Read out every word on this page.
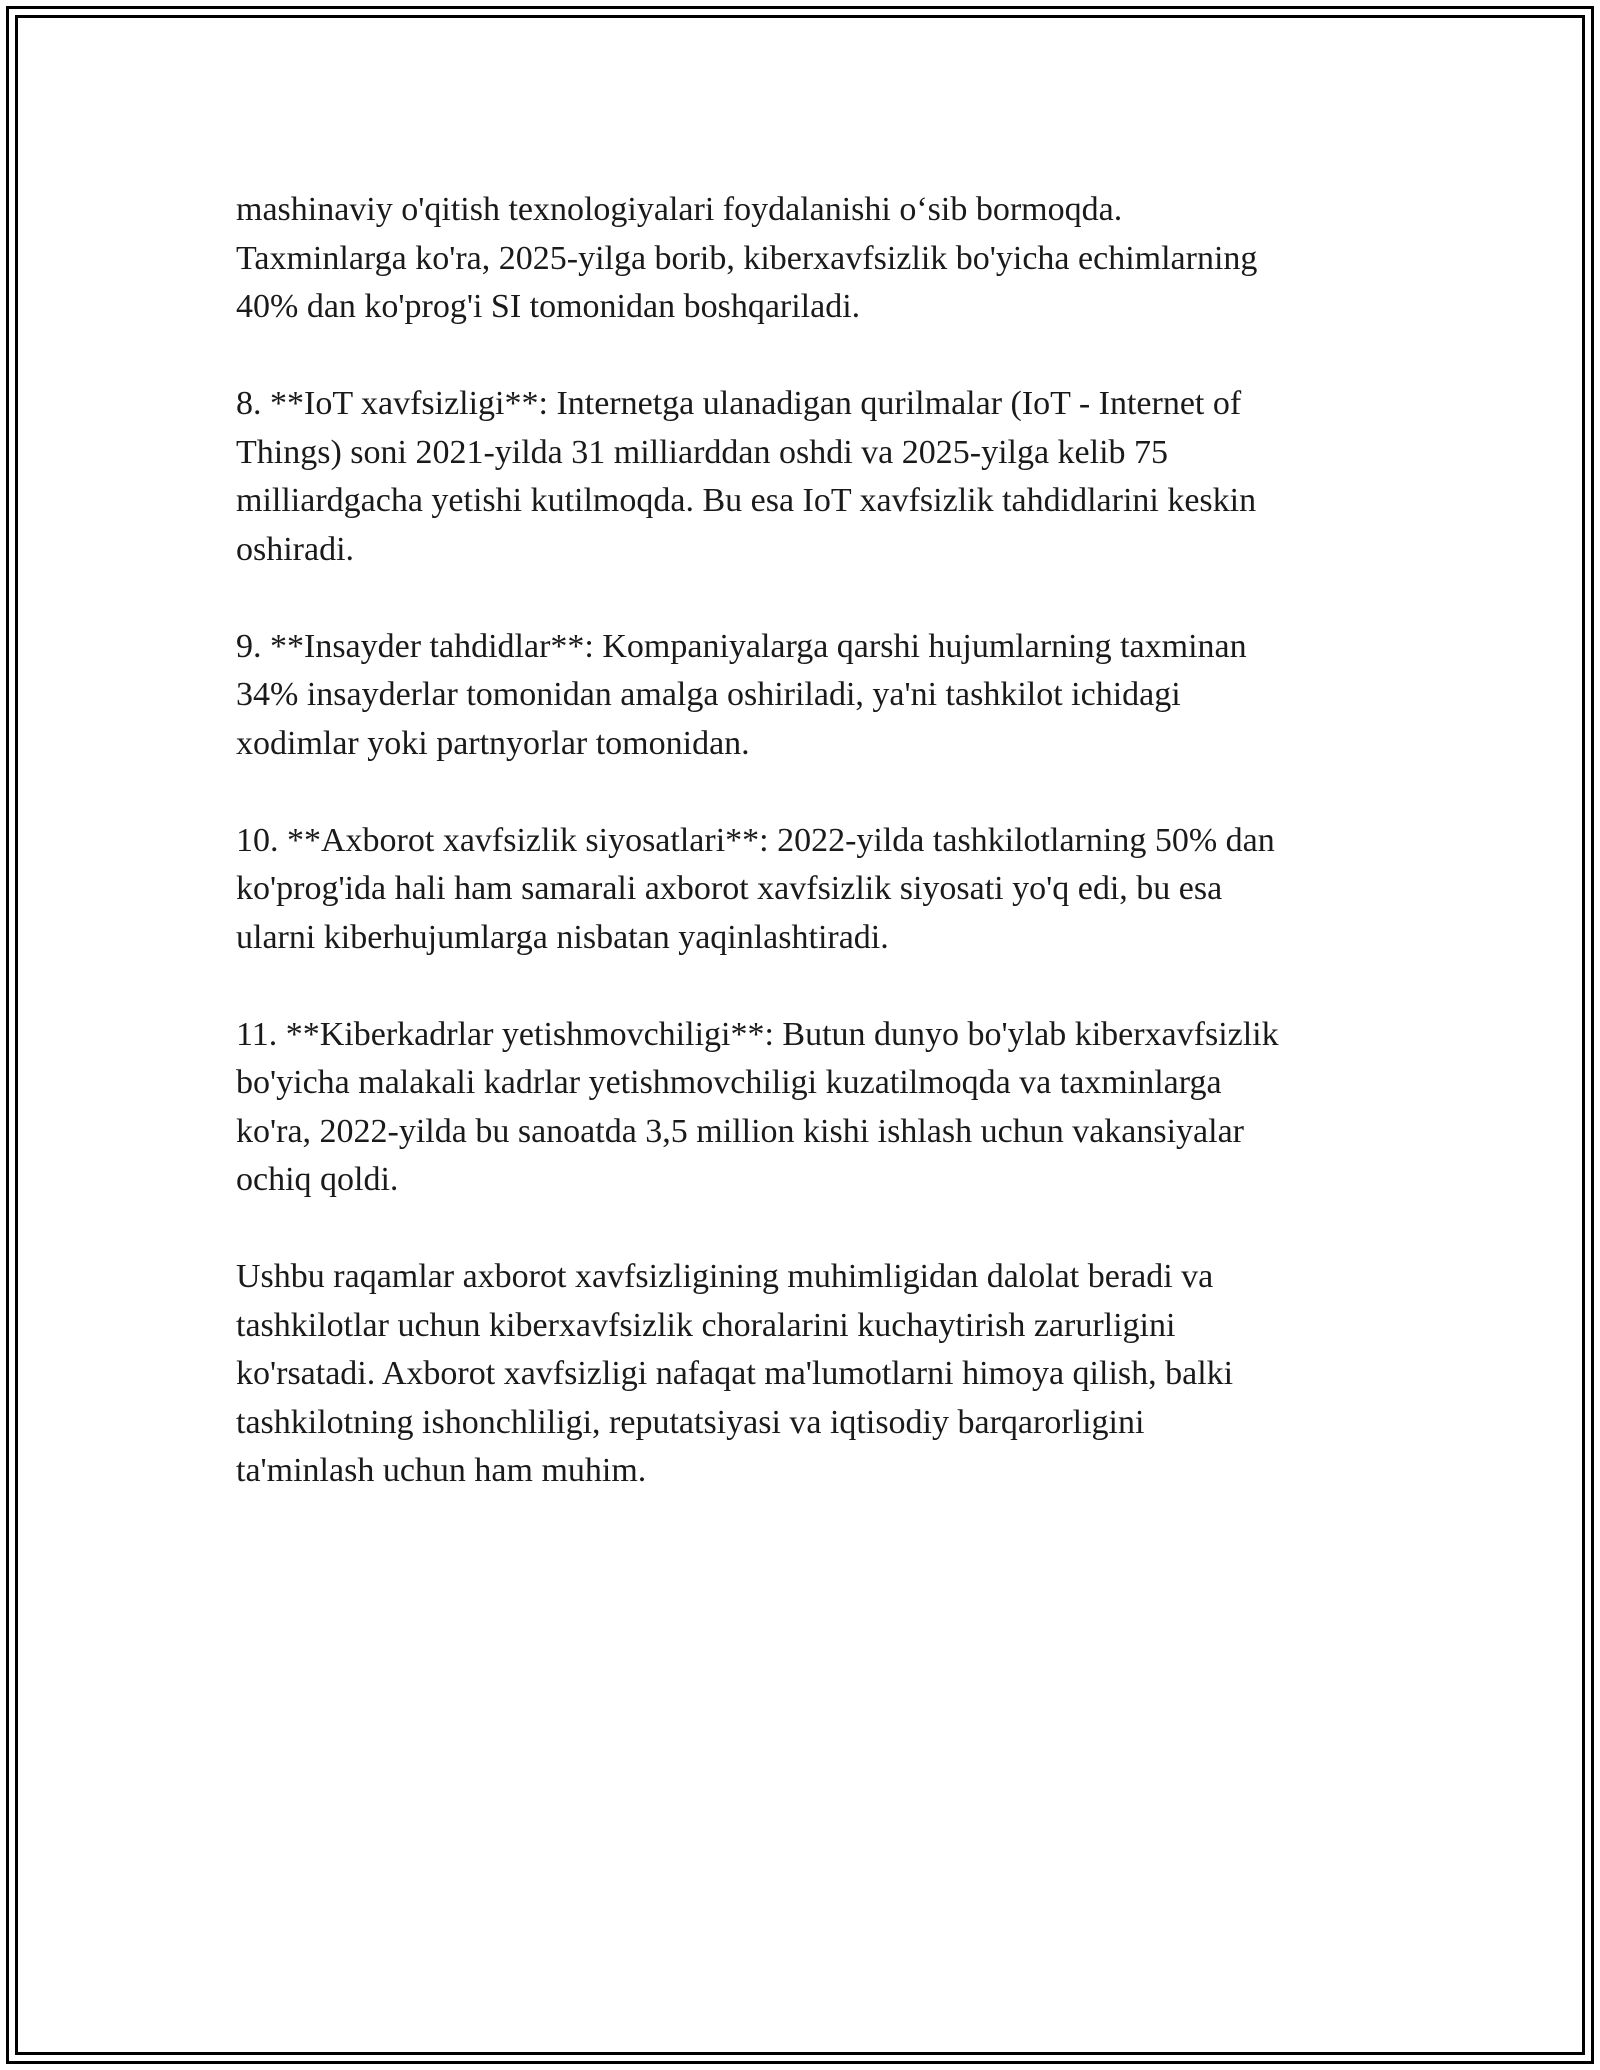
mashinaviy o'qitish texnologiyalari foydalanishi o‘sib bormoqda.
Taxminlarga ko'ra, 2025-yilga borib, kiberxavfsizlik bo'yicha echimlarning
40% dan ko'prog'i SI tomonidan boshqariladi.

8. **IoT xavfsizligi**: Internetga ulanadigan qurilmalar (IoT - Internet of
Things) soni 2021-yilda 31 milliarddan oshdi va 2025-yilga kelib 75
milliardgacha yetishi kutilmoqda. Bu esa IoT xavfsizlik tahdidlarini keskin
oshiradi.

9. **Insayder tahdidlar**: Kompaniyalarga qarshi hujumlarning taxminan
34% insayderlar tomonidan amalga oshiriladi, ya'ni tashkilot ichidagi
xodimlar yoki partnyorlar tomonidan.

10. **Axborot xavfsizlik siyosatlari**: 2022-yilda tashkilotlarning 50% dan
ko'prog'ida hali ham samarali axborot xavfsizlik siyosati yo'q edi, bu esa
ularni kiberhujumlarga nisbatan yaqinlashtiradi.

11. **Kiberkadrlar yetishmovchiligi**: Butun dunyo bo'ylab kiberxavfsizlik
bo'yicha malakali kadrlar yetishmovchiligi kuzatilmoqda va taxminlarga
ko'ra, 2022-yilda bu sanoatda 3,5 million kishi ishlash uchun vakansiyalar
ochiq qoldi.

Ushbu raqamlar axborot xavfsizligining muhimligidan dalolat beradi va
tashkilotlar uchun kiberxavfsizlik choralarini kuchaytirish zarurligini
ko'rsatadi. Axborot xavfsizligi nafaqat ma'lumotlarni himoya qilish, balki
tashkilotning ishonchliligi, reputatsiyasi va iqtisodiy barqarorligini
ta'minlash uchun ham muhim.
